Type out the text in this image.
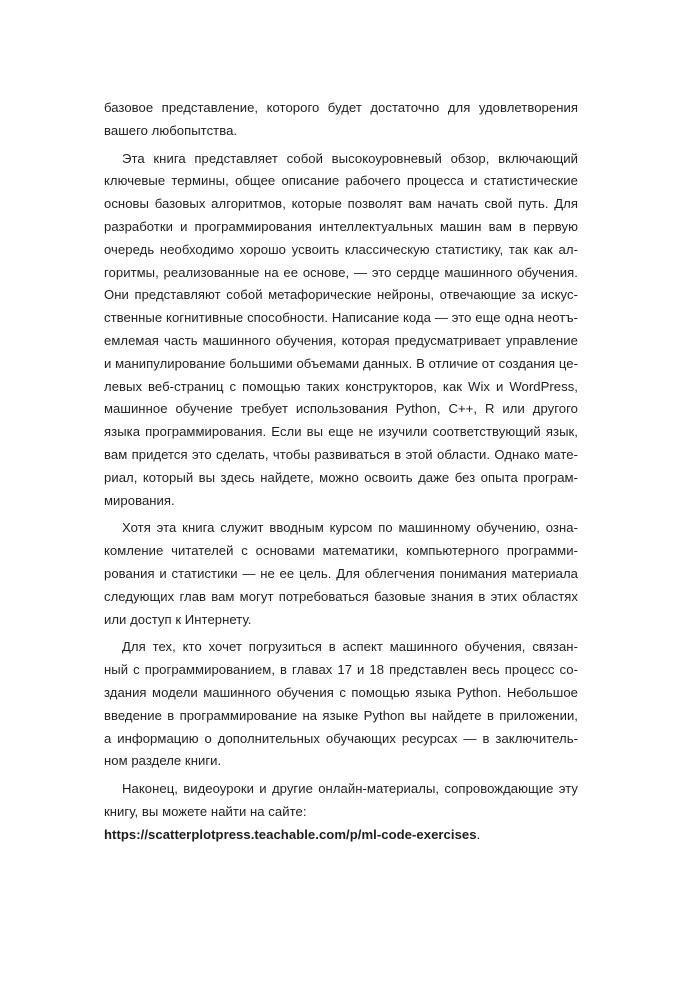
базовое представление, которого будет достаточно для удовлетворения
вашего любопытства.
Эта книга представляет собой высокоуровневый обзор, включающий
ключевые термины, общее описание рабочего процесса и статистические
основы базовых алгоритмов, которые позволят вам начать свой путь. Для
разработки и программирования интеллектуальных машин вам в первую
очередь необходимо хорошо усвоить классическую статистику, так как ал-
горитмы, реализованные на ее основе, — это сердце машинного обучения.
Они представляют собой метафорические нейроны, отвечающие за искус-
ственные когнитивные способности. Написание кода — это еще одна неотъ-
емлемая часть машинного обучения, которая предусматривает управление
и манипулирование большими объемами данных. В отличие от создания це-
левых веб-страниц с помощью таких конструкторов, как Wix и WordPress,
машинное обучение требует использования Python, C++, R или другого
языка программирования. Если вы еще не изучили соответствующий язык,
вам придется это сделать, чтобы развиваться в этой области. Однако мате-
риал, который вы здесь найдете, можно освоить даже без опыта програм-
мирования.
Хотя эта книга служит вводным курсом по машинному обучению, озна-
комление читателей с основами математики, компьютерного программи-
рования и статистики — не ее цель. Для облегчения понимания материала
следующих глав вам могут потребоваться базовые знания в этих областях
или доступ к Интернету.
Для тех, кто хочет погрузиться в аспект машинного обучения, связан-
ный с программированием, в главах 17 и 18 представлен весь процесс со-
здания модели машинного обучения с помощью языка Python. Небольшое
введение в программирование на языке Python вы найдете в приложении,
а информацию о дополнительных обучающих ресурсах — в заключитель-
ном разделе книги.
Наконец, видеоуроки и другие онлайн-материалы, сопровождающие эту
книгу, вы можете найти на сайте:
https://scatterplotpress.teachable.com/p/ml-code-exercises.
